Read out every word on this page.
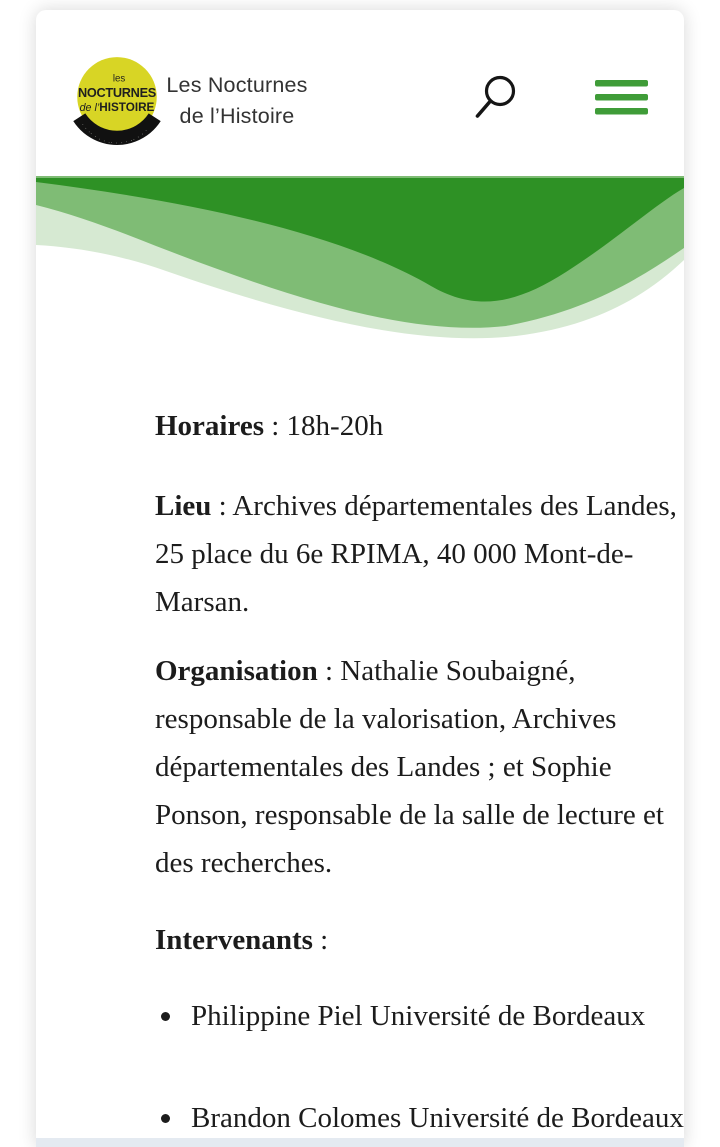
les
NOCTURNES
de l’HISTOIRE
· · ·· · · · ·· · · · ·· · · ·
Les Nocturnes
de l’Histoire
Horaires : 18h-20h
Lieu : Archives départementales des Landes,
25 place du 6e RPIMA, 40 000 Mont-de-
Marsan.
Organisation : Nathalie Soubaigné,
responsable de la valorisation, Archives
départementales des Landes ; et Sophie
Ponson, responsable de la salle de lecture et
des recherches.
Intervenants :
Philippine Piel Université de Bordeaux
Brandon Colomes Université de Bordeaux
